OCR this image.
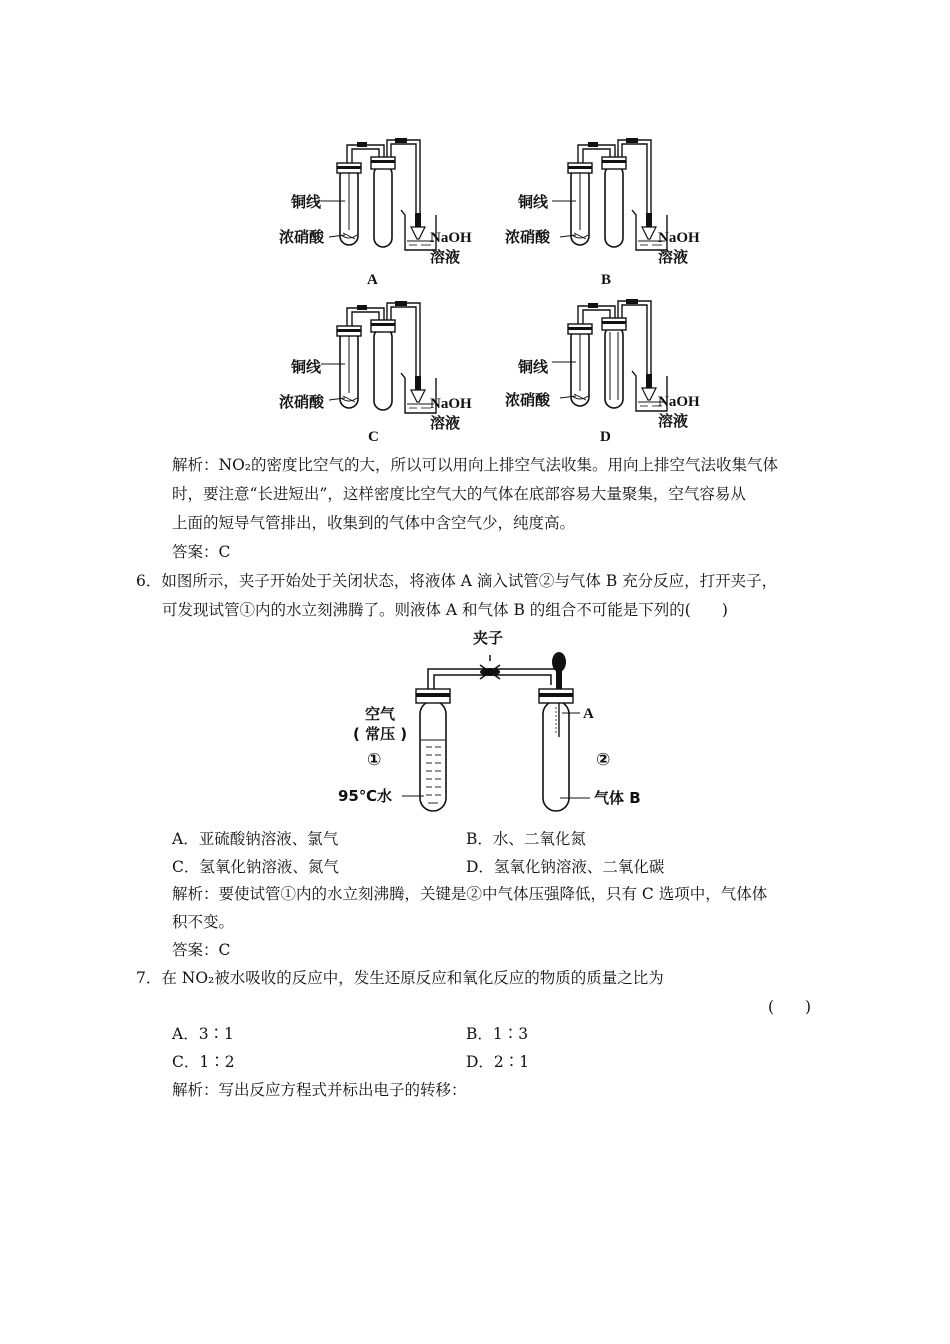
铜线
浓硝酸	NaOH
溶液
A
铜线
浓硝酸	NaOH
溶液
B
铜线
浓硝酸	NaOH
溶液
C
铜线
浓硝酸	NaOH
溶液
D
解析：NO₂的密度比空气的大，所以可以用向上排空气法收集。用向上排空气法收集气体
时，要注意“长进短出”，这样密度比空气大的气体在底部容易大量聚集，空气容易从
上面的短导气管排出，收集到的气体中含空气少，纯度高。
答案：C
6．如图所示，夹子开始处于关闭状态，将液体 A 滴入试管②与气体 B 充分反应，打开夹子，
可发现试管①内的水立刻沸腾了。则液体 A 和气体 B 的组合不可能是下列的(　　)
夹子
空气
( 常压 )
①
95℃水
②
A
气体 B
A．亚硫酸钠溶液、氯气	B．水、二氧化氮
C．氢氧化钠溶液、氮气	D．氢氧化钠溶液、二氧化碳
解析：要使试管①内的水立刻沸腾，关键是②中气体压强降低，只有 C 选项中，气体体
积不变。
答案：C
7．在 NO₂被水吸收的反应中，发生还原反应和氧化反应的物质的质量之比为
(　　)
A．3∶1	B．1∶3
C．1∶2	D．2∶1
解析：写出反应方程式并标出电子的转移：
